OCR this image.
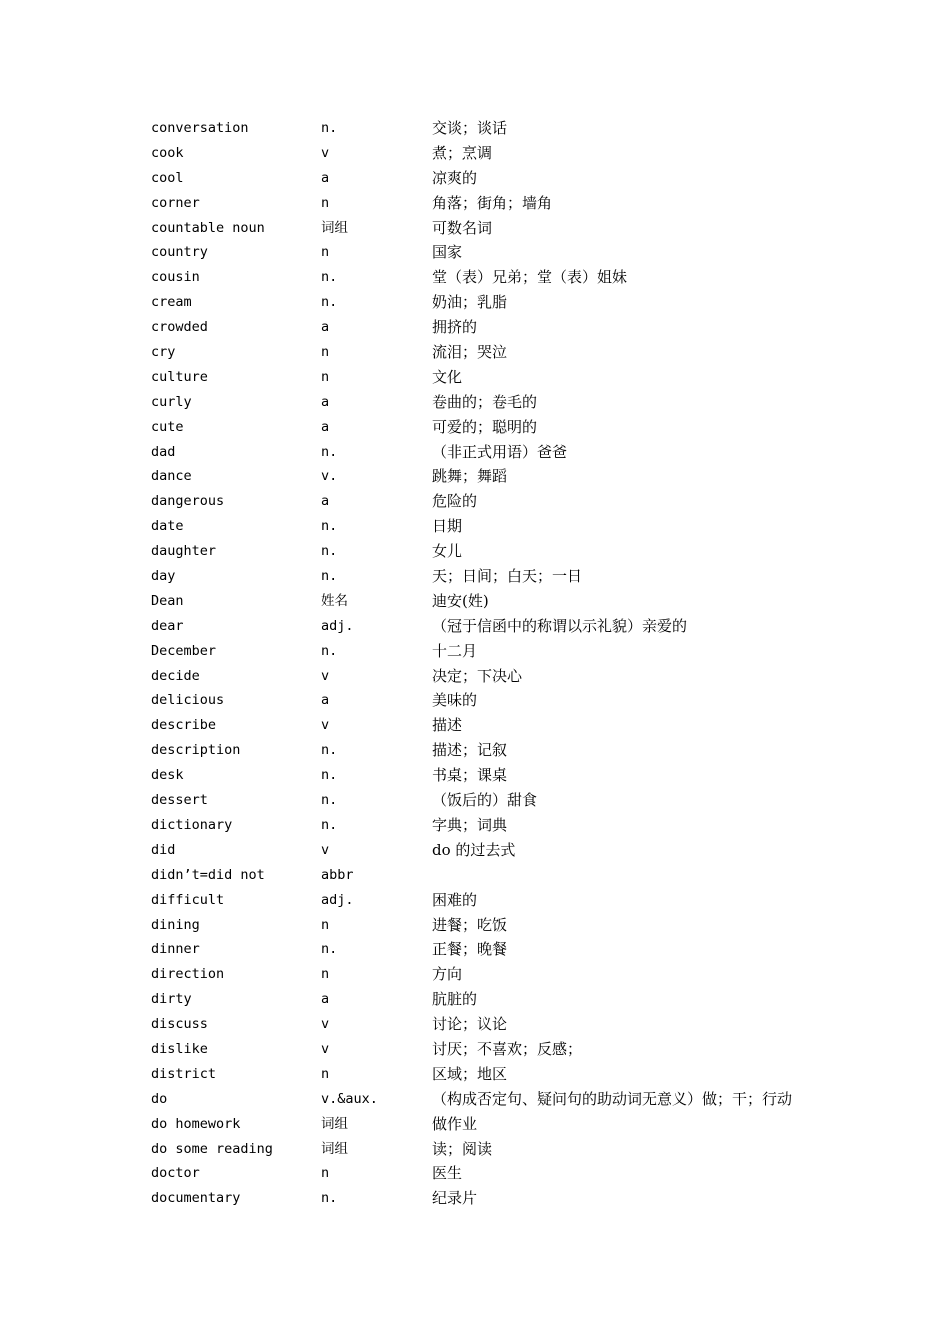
conversation	n.	交谈；谈话
cook	v	煮；烹调
cool	a	凉爽的
corner	n	角落；街角；墙角
countable noun	词组	可数名词
country	n	国家
cousin	n.	堂（表）兄弟；堂（表）姐妹
cream	n.	奶油；乳脂
crowded	a	拥挤的
cry	n	流泪；哭泣
culture	n	文化
curly	a	卷曲的；卷毛的
cute	a	可爱的；聪明的
dad	n.	（非正式用语）爸爸
dance	v.	跳舞；舞蹈
dangerous	a	危险的
date	n.	日期
daughter	n.	女儿
day	n.	天；日间；白天；一日
Dean	姓名	迪安(姓)
dear	adj.	（冠于信函中的称谓以示礼貌）亲爱的
December	n.	十二月
decide	v	决定；下决心
delicious	a	美味的
describe	v	描述
description	n.	描述；记叙
desk	n.	书桌；课桌
dessert	n.	（饭后的）甜食
dictionary	n.	字典；词典
did	v	do 的过去式
didn’t=did not	abbr
difficult	adj.	困难的
dining	n	进餐；吃饭
dinner	n.	正餐；晚餐
direction	n	方向
dirty	a	肮脏的
discuss	v	讨论；议论
dislike	v	讨厌；不喜欢；反感；
district	n	区域；地区
do	v.&aux.	（构成否定句、疑问句的助动词无意义）做；干；行动
do homework	词组	做作业
do some reading	词组	读；阅读
doctor	n	医生
documentary	n.	纪录片
